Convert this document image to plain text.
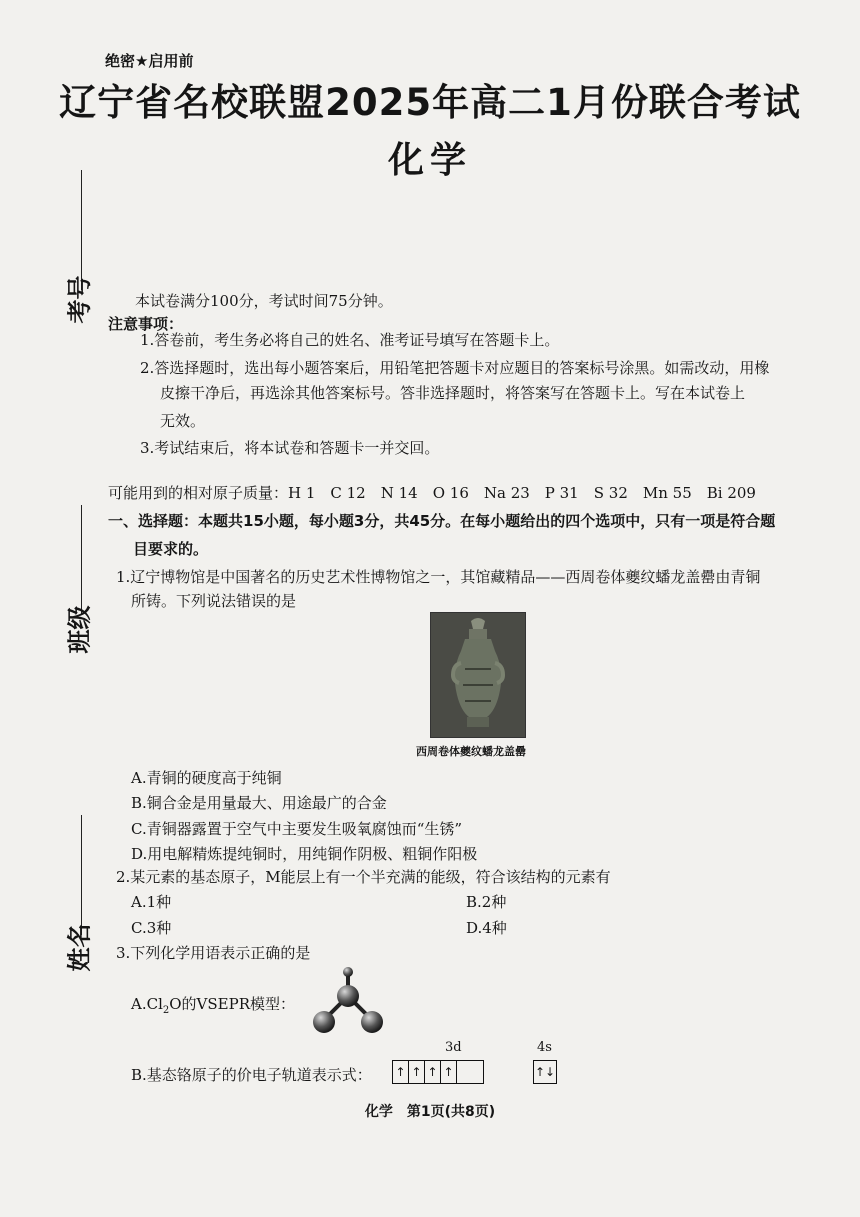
绝密★启用前
辽宁省名校联盟2025年高二1月份联合考试
化学
考号
班级
姓名
本试卷满分100分，考试时间75分钟。
注意事项：
1.答卷前，考生务必将自己的姓名、准考证号填写在答题卡上。
2.答选择题时，选出每小题答案后，用铅笔把答题卡对应题目的答案标号涂黑。如需改动，用橡
皮擦干净后，再选涂其他答案标号。答非选择题时，将答案写在答题卡上。写在本试卷上
无效。
3.考试结束后，将本试卷和答题卡一并交回。
可能用到的相对原子质量：H 1　C 12　N 14　O 16　Na 23　P 31　S 32　Mn 55　Bi 209
一、选择题：本题共15小题，每小题3分，共45分。在每小题给出的四个选项中，只有一项是符合题
目要求的。
1.辽宁博物馆是中国著名的历史艺术性博物馆之一，其馆藏精品——西周卷体夔纹蟠龙盖罍由青铜
所铸。下列说法错误的是
西周卷体夔纹蟠龙盖罍
A.青铜的硬度高于纯铜
B.铜合金是用量最大、用途最广的合金
C.青铜器露置于空气中主要发生吸氧腐蚀而“生锈”
D.用电解精炼提纯铜时，用纯铜作阴极、粗铜作阳极
2.某元素的基态原子，M能层上有一个半充满的能级，符合该结构的元素有
A.1种	B.2种
C.3种	D.4种
3.下列化学用语表示正确的是
$A.Cl_2O$的VSEPR模型：
B.基态铬原子的价电子轨道表示式：
3d	4s
↑ ↑ ↑ ↑	↑↓
化学　第1页(共8页)
